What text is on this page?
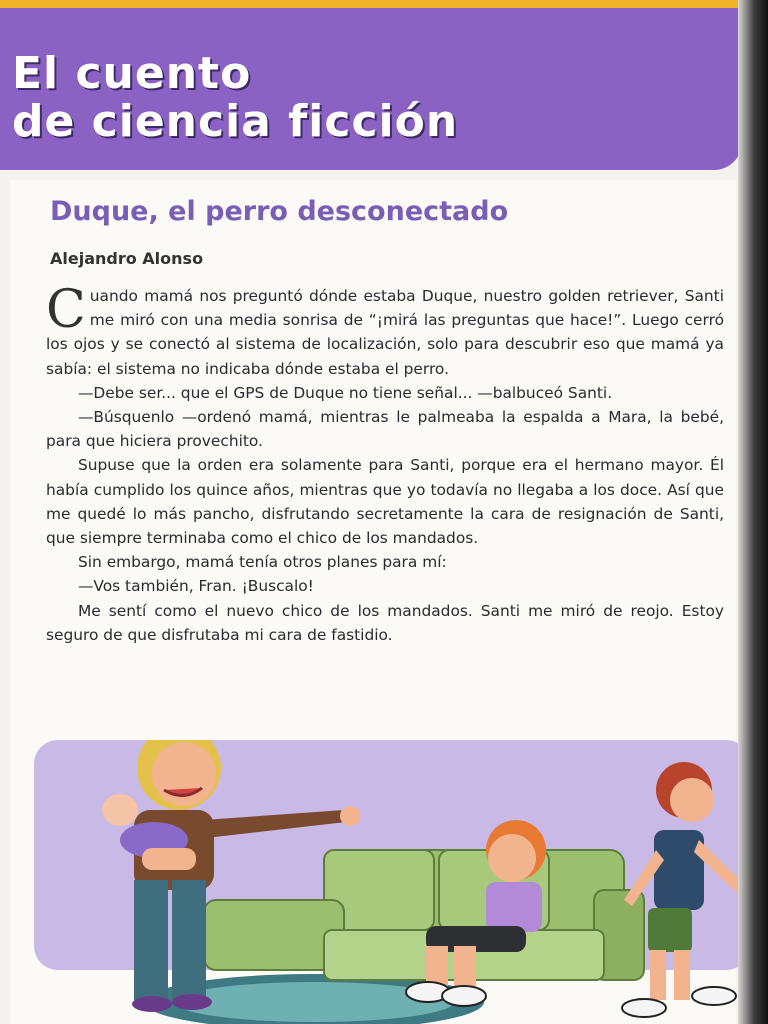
El cuento
de ciencia ficción
Duque, el perro desconectado
Alejandro Alonso

Cuando mamá nos preguntó dónde estaba Duque, nuestro golden retriever, Santi me miró con una media sonrisa de “¡mirá las preguntas que hace!”. Luego cerró los ojos y se conectó al sistema de localización, solo para descubrir eso que mamá ya sabía: el sistema no indicaba dónde estaba el perro.

—Debe ser... que el GPS de Duque no tiene señal... —balbuceó Santi.

—Búsquenlo —ordenó mamá, mientras le palmeaba la espalda a Mara, la bebé, para que hiciera provechito.

Supuse que la orden era solamente para Santi, porque era el hermano mayor. Él había cumplido los quince años, mientras que yo todavía no llegaba a los doce. Así que me quedé lo más pancho, disfrutando secretamente la cara de resignación de Santi, que siempre terminaba como el chico de los mandados.

Sin embargo, mamá tenía otros planes para mí:

—Vos también, Fran. ¡Buscalo!

Me sentí como el nuevo chico de los mandados. Santi me miró de reojo. Estoy seguro de que disfrutaba mi cara de fastidio.
